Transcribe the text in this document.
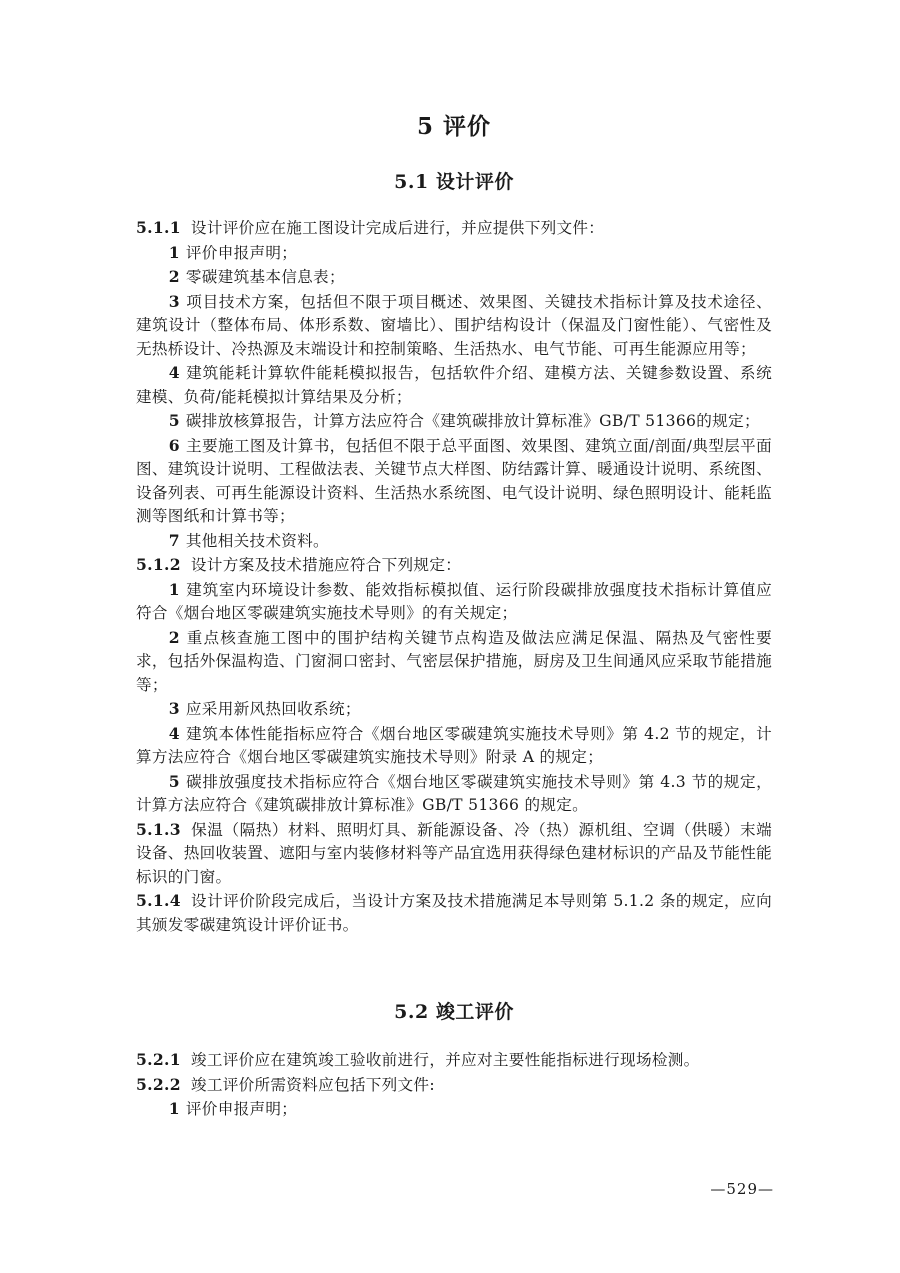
5 评价
5.1 设计评价

5.1.1 设计评价应在施工图设计完成后进行，并应提供下列文件：

1 评价申报声明；

2 零碳建筑基本信息表；

3 项目技术方案，包括但不限于项目概述、效果图、关键技术指标计算及技术途径、建筑设计（整体布局、体形系数、窗墙比）、围护结构设计（保温及门窗性能）、气密性及无热桥设计、冷热源及末端设计和控制策略、生活热水、电气节能、可再生能源应用等；

4 建筑能耗计算软件能耗模拟报告，包括软件介绍、建模方法、关键参数设置、系统建模、负荷/能耗模拟计算结果及分析；

5 碳排放核算报告，计算方法应符合《建筑碳排放计算标准》GB/T 51366的规定；

6 主要施工图及计算书，包括但不限于总平面图、效果图、建筑立面/剖面/典型层平面图、建筑设计说明、工程做法表、关键节点大样图、防结露计算、暖通设计说明、系统图、设备列表、可再生能源设计资料、生活热水系统图、电气设计说明、绿色照明设计、能耗监测等图纸和计算书等；

7 其他相关技术资料。

5.1.2 设计方案及技术措施应符合下列规定：

1 建筑室内环境设计参数、能效指标模拟值、运行阶段碳排放强度技术指标计算值应符合《烟台地区零碳建筑实施技术导则》的有关规定；

2 重点核查施工图中的围护结构关键节点构造及做法应满足保温、隔热及气密性要求，包括外保温构造、门窗洞口密封、气密层保护措施，厨房及卫生间通风应采取节能措施等；

3 应采用新风热回收系统；

4 建筑本体性能指标应符合《烟台地区零碳建筑实施技术导则》第 4.2 节的规定，计算方法应符合《烟台地区零碳建筑实施技术导则》附录 A 的规定；

5 碳排放强度技术指标应符合《烟台地区零碳建筑实施技术导则》第 4.3 节的规定，计算方法应符合《建筑碳排放计算标准》GB/T 51366 的规定。

5.1.3 保温（隔热）材料、照明灯具、新能源设备、冷（热）源机组、空调（供暖）末端设备、热回收装置、遮阳与室内装修材料等产品宜选用获得绿色建材标识的产品及节能性能标识的门窗。

5.1.4 设计评价阶段完成后，当设计方案及技术措施满足本导则第 5.1.2 条的规定，应向其颁发零碳建筑设计评价证书。

5.2 竣工评价

5.2.1 竣工评价应在建筑竣工验收前进行，并应对主要性能指标进行现场检测。

5.2.2 竣工评价所需资料应包括下列文件:

1 评价申报声明；

—529—
